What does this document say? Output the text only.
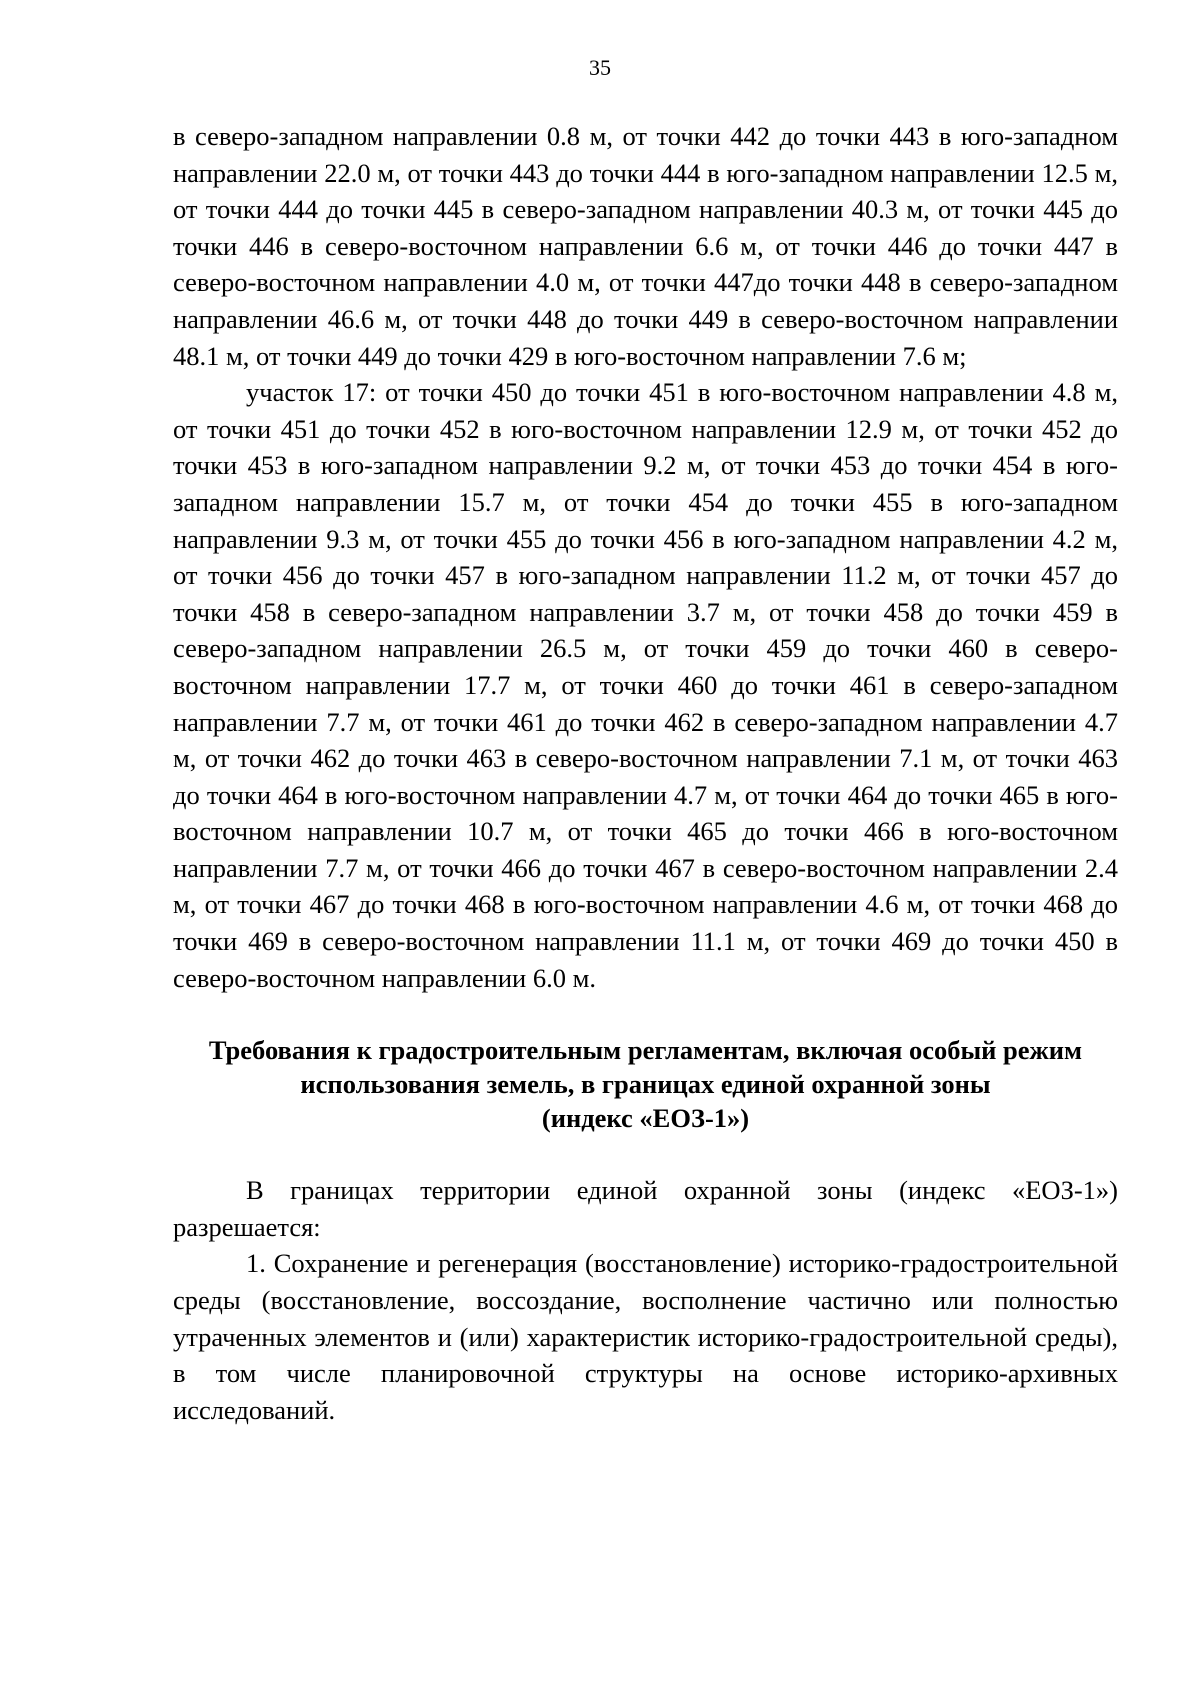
35

в северо-западном направлении 0.8 м, от точки 442 до точки 443 в юго-западном направлении 22.0 м, от точки 443 до точки 444 в юго-западном направлении 12.5 м, от точки 444 до точки 445 в северо-западном направлении 40.3 м, от точки 445 до точки 446 в северо-восточном направлении 6.6 м, от точки 446 до точки 447 в северо-восточном направлении 4.0 м, от точки 447до точки 448 в северо-западном направлении 46.6 м, от точки 448 до точки 449 в северо-восточном направлении 48.1 м, от точки 449 до точки 429 в юго-восточном направлении 7.6 м;

участок 17: от точки 450 до точки 451 в юго-восточном направлении 4.8 м, от точки 451 до точки 452 в юго-восточном направлении 12.9 м, от точки 452 до точки 453 в юго-западном направлении 9.2 м, от точки 453 до точки 454 в юго-западном направлении 15.7 м, от точки 454 до точки 455 в юго-западном направлении 9.3 м, от точки 455 до точки 456 в юго-западном направлении 4.2 м, от точки 456 до точки 457 в юго-западном направлении 11.2 м, от точки 457 до точки 458 в северо-западном направлении 3.7 м, от точки 458 до точки 459 в северо-западном направлении 26.5 м, от точки 459 до точки 460 в северо-восточном направлении 17.7 м, от точки 460 до точки 461 в северо-западном направлении 7.7 м, от точки 461 до точки 462 в северо-западном направлении 4.7 м, от точки 462 до точки 463 в северо-восточном направлении 7.1 м, от точки 463 до точки 464 в юго-восточном направлении 4.7 м, от точки 464 до точки 465 в юго-восточном направлении 10.7 м, от точки 465 до точки 466 в юго-восточном направлении 7.7 м, от точки 466 до точки 467 в северо-восточном направлении 2.4 м, от точки 467 до точки 468 в юго-восточном направлении 4.6 м, от точки 468 до точки 469 в северо-восточном направлении 11.1 м, от точки 469 до точки 450 в северо-восточном направлении 6.0 м.

Требования к градостроительным регламентам, включая особый режим
использования земель, в границах единой охранной зоны
(индекс «ЕОЗ-1»)

В границах территории единой охранной зоны (индекс «ЕОЗ-1») разрешается:

1. Сохранение и регенерация (восстановление) историко-градостроительной среды (восстановление, воссоздание, восполнение частично или полностью утраченных элементов и (или) характеристик историко-градостроительной среды), в том числе планировочной структуры на основе историко-архивных исследований.
